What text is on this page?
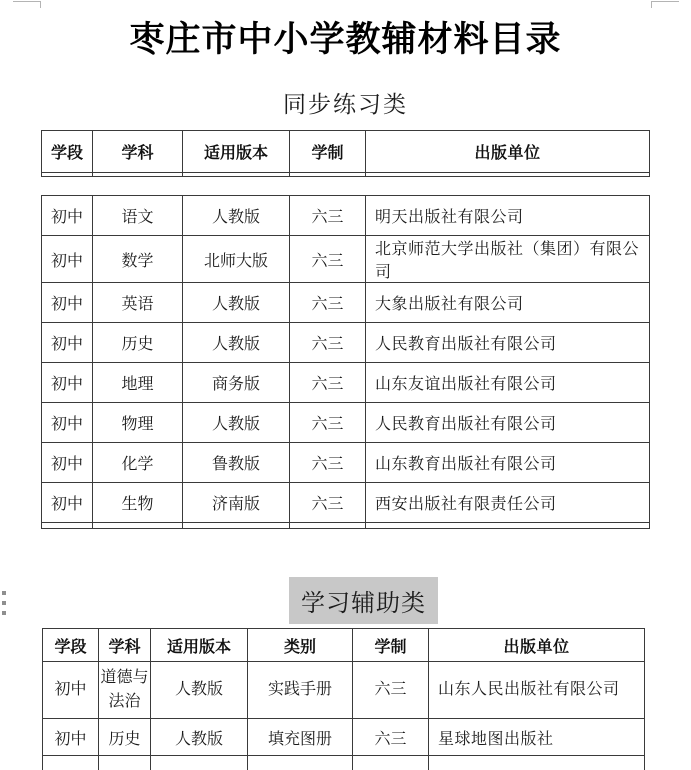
枣庄市中小学教辅材料目录
同步练习类
学段	学科	适用版本	学制	出版单位

初中	语文	人教版	六三	明天出版社有限公司
初中	数学	北师大版	六三	北京师范大学出版社（集团）有限公司
初中	英语	人教版	六三	大象出版社有限公司
初中	历史	人教版	六三	人民教育出版社有限公司
初中	地理	商务版	六三	山东友谊出版社有限公司
初中	物理	人教版	六三	人民教育出版社有限公司
初中	化学	鲁教版	六三	山东教育出版社有限公司
初中	生物	济南版	六三	西安出版社有限责任公司

学习辅助类
学段	学科	适用版本	类别	学制	出版单位
初中	道德与法治	人教版	实践手册	六三	山东人民出版社有限公司
初中	历史	人教版	填充图册	六三	星球地图出版社
